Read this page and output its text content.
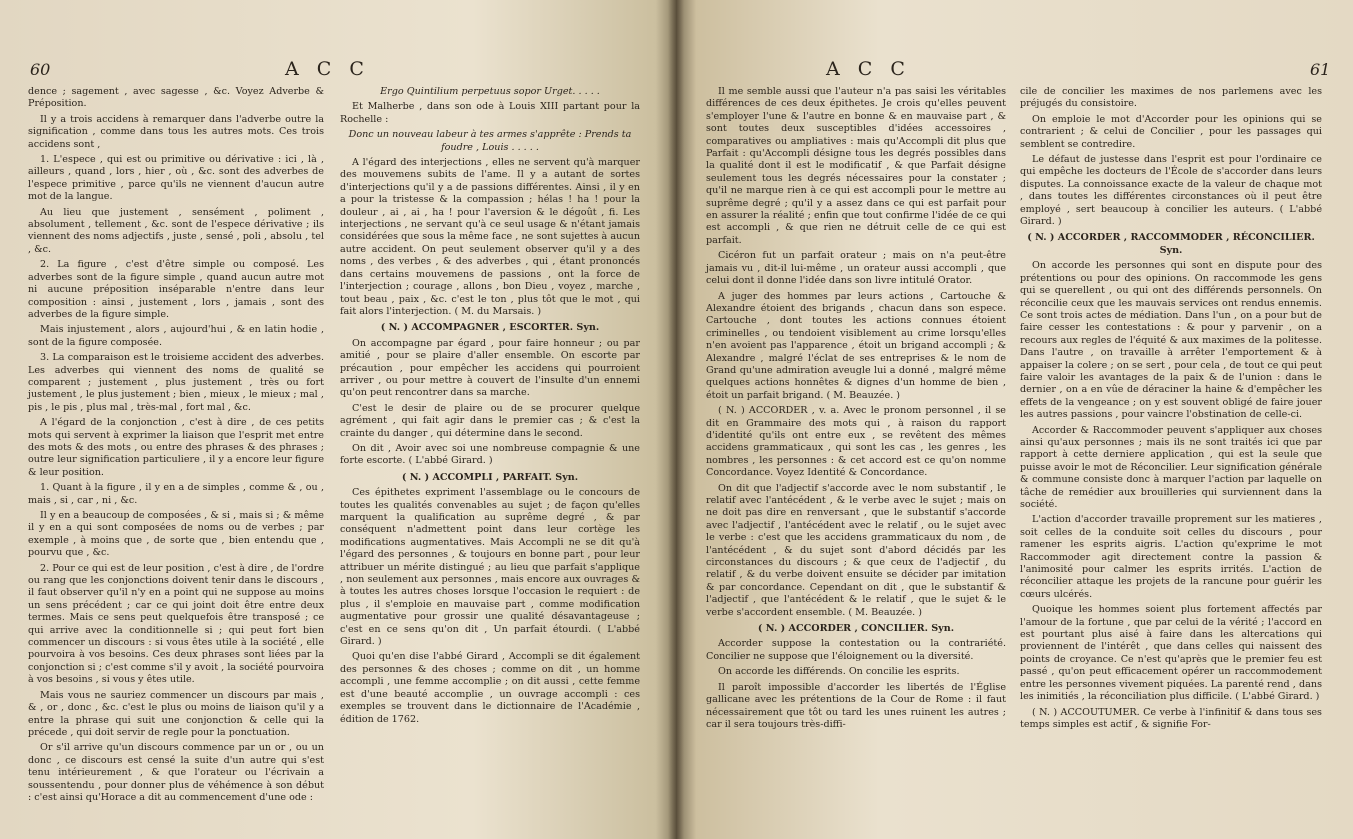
60	A C C

dence ; sagement , avec sagesse , &c. Voyez Adverbe & Préposition.

Il y a trois accidens à remarquer dans l'adverbe outre la signification , comme dans tous les autres mots. Ces trois accidens sont ,

1. L'espece , qui est ou primitive ou dérivative : ici , là , ailleurs , quand , lors , hier , où , &c. sont des adverbes de l'espece primitive , parce qu'ils ne viennent d'aucun autre mot de la langue.

Au lieu que justement , sensément , poliment , absolument , tellement , &c. sont de l'espece dérivative ; ils viennent des noms adjectifs , juste , sensé , poli , absolu , tel , &c.

2. La figure , c'est d'être simple ou composé. Les adverbes sont de la figure simple , quand aucun autre mot ni aucune préposition inséparable n'entre dans leur composition : ainsi , justement , lors , jamais , sont des adverbes de la figure simple.

Mais injustement , alors , aujourd'hui , & en latin hodie , sont de la figure composée.

3. La comparaison est le troisieme accident des adverbes. Les adverbes qui viennent des noms de qualité se comparent ; justement , plus justement , très ou fort justement , le plus justement ; bien , mieux , le mieux ; mal , pis , le pis , plus mal , très-mal , fort mal , &c.

A l'égard de la conjonction , c'est à dire , de ces petits mots qui servent à exprimer la liaison que l'esprit met entre des mots & des mots , ou entre des phrases & des phrases ; outre leur signification particuliere , il y a encore leur figure & leur position.

1. Quant à la figure , il y en a de simples , comme & , ou , mais , si , car , ni , &c.

Il y en a beaucoup de composées , & si , mais si ; & même il y en a qui sont composées de noms ou de verbes ; par exemple , à moins que , de sorte que , bien entendu que , pourvu que , &c.

2. Pour ce qui est de leur position , c'est à dire , de l'ordre ou rang que les conjonctions doivent tenir dans le discours , il faut observer qu'il n'y en a point qui ne suppose au moins un sens précédent ; car ce qui joint doit être entre deux termes. Mais ce sens peut quelquefois être transposé ; ce qui arrive avec la conditionnelle si ; qui peut fort bien commencer un discours : si vous êtes utile à la société , elle pourvoira à vos besoins. Ces deux phrases sont liées par la conjonction si ; c'est comme s'il y avoit , la société pourvoira à vos besoins , si vous y êtes utile.

Mais vous ne sauriez commencer un discours par mais , & , or , donc , &c. c'est le plus ou moins de liaison qu'il y a entre la phrase qui suit une conjonction & celle qui la précede , qui doit servir de regle pour la ponctuation.

Or s'il arrive qu'un discours commence par un or , ou un donc , ce discours est censé la suite d'un autre qui s'est tenu intérieurement , & que l'orateur ou l'écrivain a soussentendu , pour donner plus de véhémence à son début : c'est ainsi qu'Horace a dit au commencement d'une ode :

Ergo Quintilium perpetuus sopor Urget. . . . .

Et Malherbe , dans son ode à Louis XIII partant pour la Rochelle :

Donc un nouveau labeur à tes armes s'apprête : Prends ta foudre , Louis . . . . .

A l'égard des interjections , elles ne servent qu'à marquer des mouvemens subits de l'ame. Il y a autant de sortes d'interjections qu'il y a de passions différentes. Ainsi , il y en a pour la tristesse & la compassion ; hélas ! ha ! pour la douleur , ai , ai , ha ! pour l'aversion & le dégoût , fi. Les interjections , ne servant qu'à ce seul usage & n'étant jamais considérées que sous la même face , ne sont sujettes à aucun autre accident. On peut seulement observer qu'il y a des noms , des verbes , & des adverbes , qui , étant prononcés dans certains mouvemens de passions , ont la force de l'interjection ; courage , allons , bon Dieu , voyez , marche , tout beau , paix , &c. c'est le ton , plus tôt que le mot , qui fait alors l'interjection. ( M. du Marsais. )

( N. ) ACCOMPAGNER , ESCORTER. Syn.

On accompagne par égard , pour faire honneur ; ou par amitié , pour se plaire d'aller ensemble. On escorte par précaution , pour empêcher les accidens qui pourroient arriver , ou pour mettre à couvert de l'insulte d'un ennemi qu'on peut rencontrer dans sa marche.

C'est le desir de plaire ou de se procurer quelque agrément , qui fait agir dans le premier cas ; & c'est la crainte du danger , qui détermine dans le second.

On dit , Avoir avec soi une nombreuse compagnie & une forte escorte. ( L'abbé Girard. )

( N. ) ACCOMPLI , PARFAIT. Syn.

Ces épithetes expriment l'assemblage ou le concours de toutes les qualités convenables au sujet ; de façon qu'elles marquent la qualification au suprême degré , & par conséquent n'admettent point dans leur cortège les modifications augmentatives. Mais Accompli ne se dit qu'à l'égard des personnes , & toujours en bonne part , pour leur attribuer un mérite distingué ; au lieu que parfait s'applique , non seulement aux personnes , mais encore aux ouvrages & à toutes les autres choses lorsque l'occasion le requiert : de plus , il s'emploie en mauvaise part , comme modification augmentative pour grossir une qualité désavantageuse ; c'est en ce sens qu'on dit , Un parfait étourdi. ( L'abbé Girard. )

Quoi qu'en dise l'abbé Girard , Accompli se dit également des personnes & des choses ; comme on dit , un homme accompli , une femme accomplie ; on dit aussi , cette femme est d'une beauté accomplie , un ouvrage accompli : ces exemples se trouvent dans le dictionnaire de l'Académie , édition de 1762.

A C C	61

Il me semble aussi que l'auteur n'a pas saisi les véritables différences de ces deux épithetes. Je crois qu'elles peuvent s'employer l'une & l'autre en bonne & en mauvaise part , & sont toutes deux susceptibles d'idées accessoires , comparatives ou ampliatives : mais qu'Accompli dit plus que Parfait : qu'Accompli désigne tous les degrés possibles dans la qualité dont il est le modificatif , & que Parfait désigne seulement tous les degrés nécessaires pour la constater ; qu'il ne marque rien à ce qui est accompli pour le mettre au suprême degré ; qu'il y a assez dans ce qui est parfait pour en assurer la réalité ; enfin que tout confirme l'idée de ce qui est accompli , & que rien ne détruit celle de ce qui est parfait.

Cicéron fut un parfait orateur ; mais on n'a peut-être jamais vu , dit-il lui-même , un orateur aussi accompli , que celui dont il donne l'idée dans son livre intitulé Orator.

A juger des hommes par leurs actions , Cartouche & Alexandre étoient des brigands , chacun dans son espece. Cartouche , dont toutes les actions connues étoient criminelles , ou tendoient visiblement au crime lorsqu'elles n'en avoient pas l'apparence , étoit un brigand accompli ; & Alexandre , malgré l'éclat de ses entreprises & le nom de Grand qu'une admiration aveugle lui a donné , malgré même quelques actions honnêtes & dignes d'un homme de bien , étoit un parfait brigand. ( M. Beauzée. )

( N. ) ACCORDER , v. a. Avec le pronom personnel , il se dit en Grammaire des mots qui , à raison du rapport d'identité qu'ils ont entre eux , se revêtent des mêmes accidens grammaticaux , qui sont les cas , les genres , les nombres , les personnes : & cet accord est ce qu'on nomme Concordance. Voyez Identité & Concordance.

On dit que l'adjectif s'accorde avec le nom substantif , le relatif avec l'antécédent , & le verbe avec le sujet ; mais on ne doit pas dire en renversant , que le substantif s'accorde avec l'adjectif , l'antécédent avec le relatif , ou le sujet avec le verbe : c'est que les accidens grammaticaux du nom , de l'antécédent , & du sujet sont d'abord décidés par les circonstances du discours ; & que ceux de l'adjectif , du relatif , & du verbe doivent ensuite se décider par imitation & par concordance. Cependant on dit , que le substantif & l'adjectif , que l'antécédent & le relatif , que le sujet & le verbe s'accordent ensemble. ( M. Beauzée. )

( N. ) ACCORDER , CONCILIER. Syn.

Accorder suppose la contestation ou la contrariété. Concilier ne suppose que l'éloignement ou la diversité.

On accorde les différends. On concilie les esprits.

Il paroît impossible d'accorder les libertés de l'Église gallicane avec les prétentions de la Cour de Rome : il faut nécessairement que tôt ou tard les unes ruinent les autres ; car il sera toujours très-diffi-

cile de concilier les maximes de nos parlemens avec les préjugés du consistoire.

On emploie le mot d'Accorder pour les opinions qui se contrarient ; & celui de Concilier , pour les passages qui semblent se contredire.

Le défaut de justesse dans l'esprit est pour l'ordinaire ce qui empêche les docteurs de l'École de s'accorder dans leurs disputes. La connoissance exacte de la valeur de chaque mot , dans toutes les différentes circonstances où il peut être employé , sert beaucoup à concilier les auteurs. ( L'abbé Girard. )

( N. ) ACCORDER , RACCOMMODER , RÉCONCILIER. Syn.

On accorde les personnes qui sont en dispute pour des prétentions ou pour des opinions. On raccommode les gens qui se querellent , ou qui ont des différends personnels. On réconcilie ceux que les mauvais services ont rendus ennemis. Ce sont trois actes de médiation. Dans l'un , on a pour but de faire cesser les contestations : & pour y parvenir , on a recours aux regles de l'équité & aux maximes de la politesse. Dans l'autre , on travaille à arrêter l'emportement & à appaiser la colere ; on se sert , pour cela , de tout ce qui peut faire valoir les avantages de la paix & de l'union : dans le dernier , on a en vûe de déraciner la haine & d'empêcher les effets de la vengeance ; on y est souvent obligé de faire jouer les autres passions , pour vaincre l'obstination de celle-ci.

Accorder & Raccommoder peuvent s'appliquer aux choses ainsi qu'aux personnes ; mais ils ne sont traités ici que par rapport à cette derniere application , qui est la seule que puisse avoir le mot de Réconcilier. Leur signification générale & commune consiste donc à marquer l'action par laquelle on tâche de remédier aux brouilleries qui surviennent dans la société.

L'action d'accorder travaille proprement sur les matieres , soit celles de la conduite soit celles du discours , pour ramener les esprits aigris. L'action qu'exprime le mot Raccommoder agit directement contre la passion & l'animosité pour calmer les esprits irrités. L'action de réconcilier attaque les projets de la rancune pour guérir les cœurs ulcérés.

Quoique les hommes soient plus fortement affectés par l'amour de la fortune , que par celui de la vérité ; l'accord en est pourtant plus aisé à faire dans les altercations qui proviennent de l'intérêt , que dans celles qui naissent des points de croyance. Ce n'est qu'après que le premier feu est passé , qu'on peut efficacement opérer un raccommodement entre les personnes vivement piquées. La parenté rend , dans les inimitiés , la réconciliation plus difficile. ( L'abbé Girard. )

( N. ) ACCOUTUMER. Ce verbe à l'infinitif & dans tous ses temps simples est actif , & signifie For-
